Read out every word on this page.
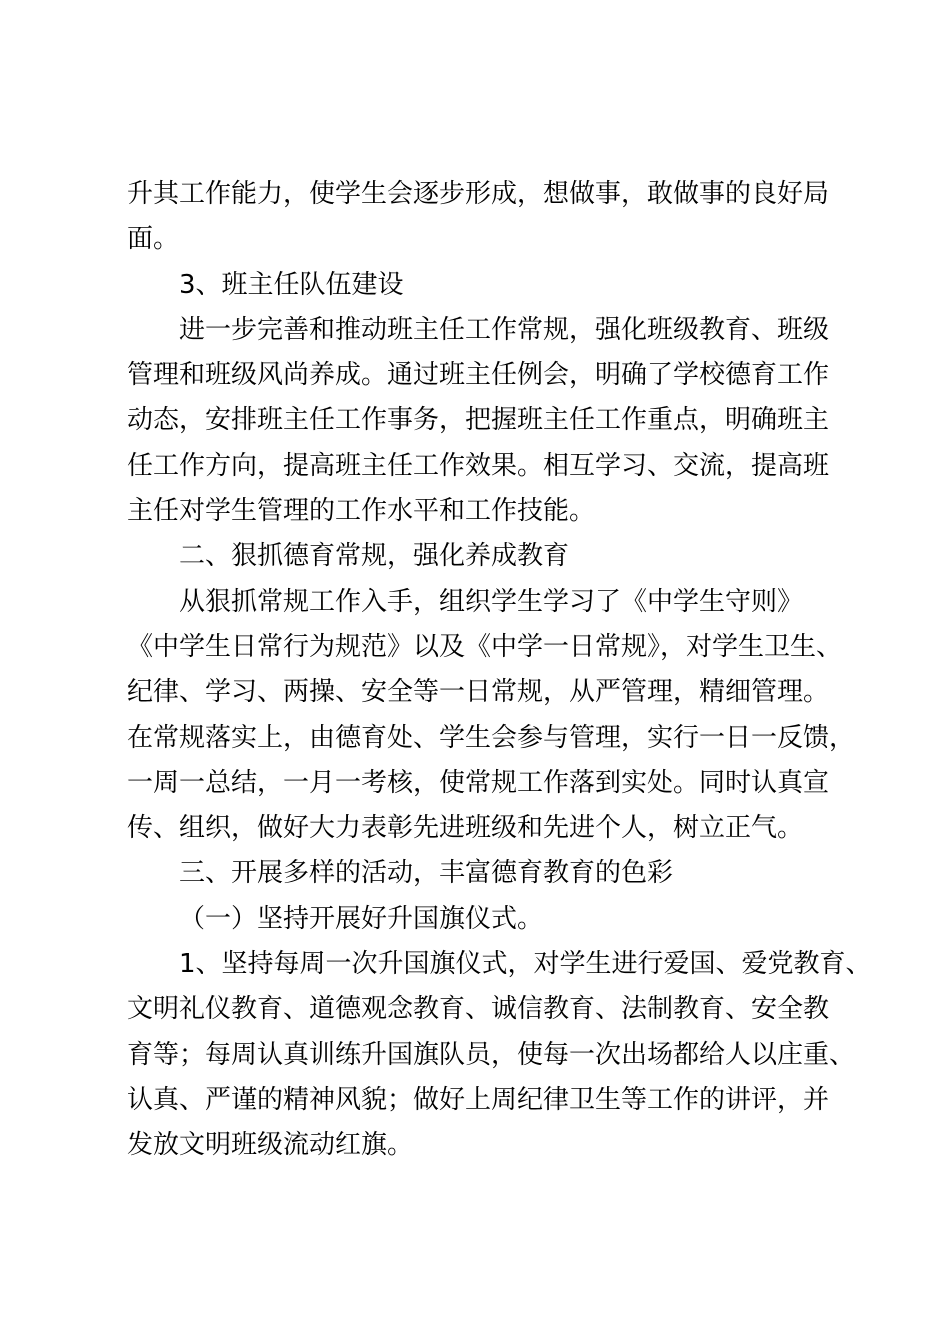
升其工作能力，使学生会逐步形成，想做事，敢做事的良好局
面。
3、班主任队伍建设
进一步完善和推动班主任工作常规，强化班级教育、班级
管理和班级风尚养成。通过班主任例会，明确了学校德育工作
动态，安排班主任工作事务，把握班主任工作重点，明确班主
任工作方向，提高班主任工作效果。相互学习、交流，提高班
主任对学生管理的工作水平和工作技能。
二、狠抓德育常规，强化养成教育
从狠抓常规工作入手，组织学生学习了《中学生守则》
《中学生日常行为规范》以及《中学一日常规》，对学生卫生、
纪律、学习、两操、安全等一日常规，从严管理，精细管理。
在常规落实上，由德育处、学生会参与管理，实行一日一反馈，
一周一总结，一月一考核，使常规工作落到实处。同时认真宣
传、组织，做好大力表彰先进班级和先进个人，树立正气。
三、开展多样的活动，丰富德育教育的色彩
（一）坚持开展好升国旗仪式。
1、坚持每周一次升国旗仪式，对学生进行爱国、爱党教育、
文明礼仪教育、道德观念教育、诚信教育、法制教育、安全教
育等；每周认真训练升国旗队员，使每一次出场都给人以庄重、
认真、严谨的精神风貌；做好上周纪律卫生等工作的讲评，并
发放文明班级流动红旗。
